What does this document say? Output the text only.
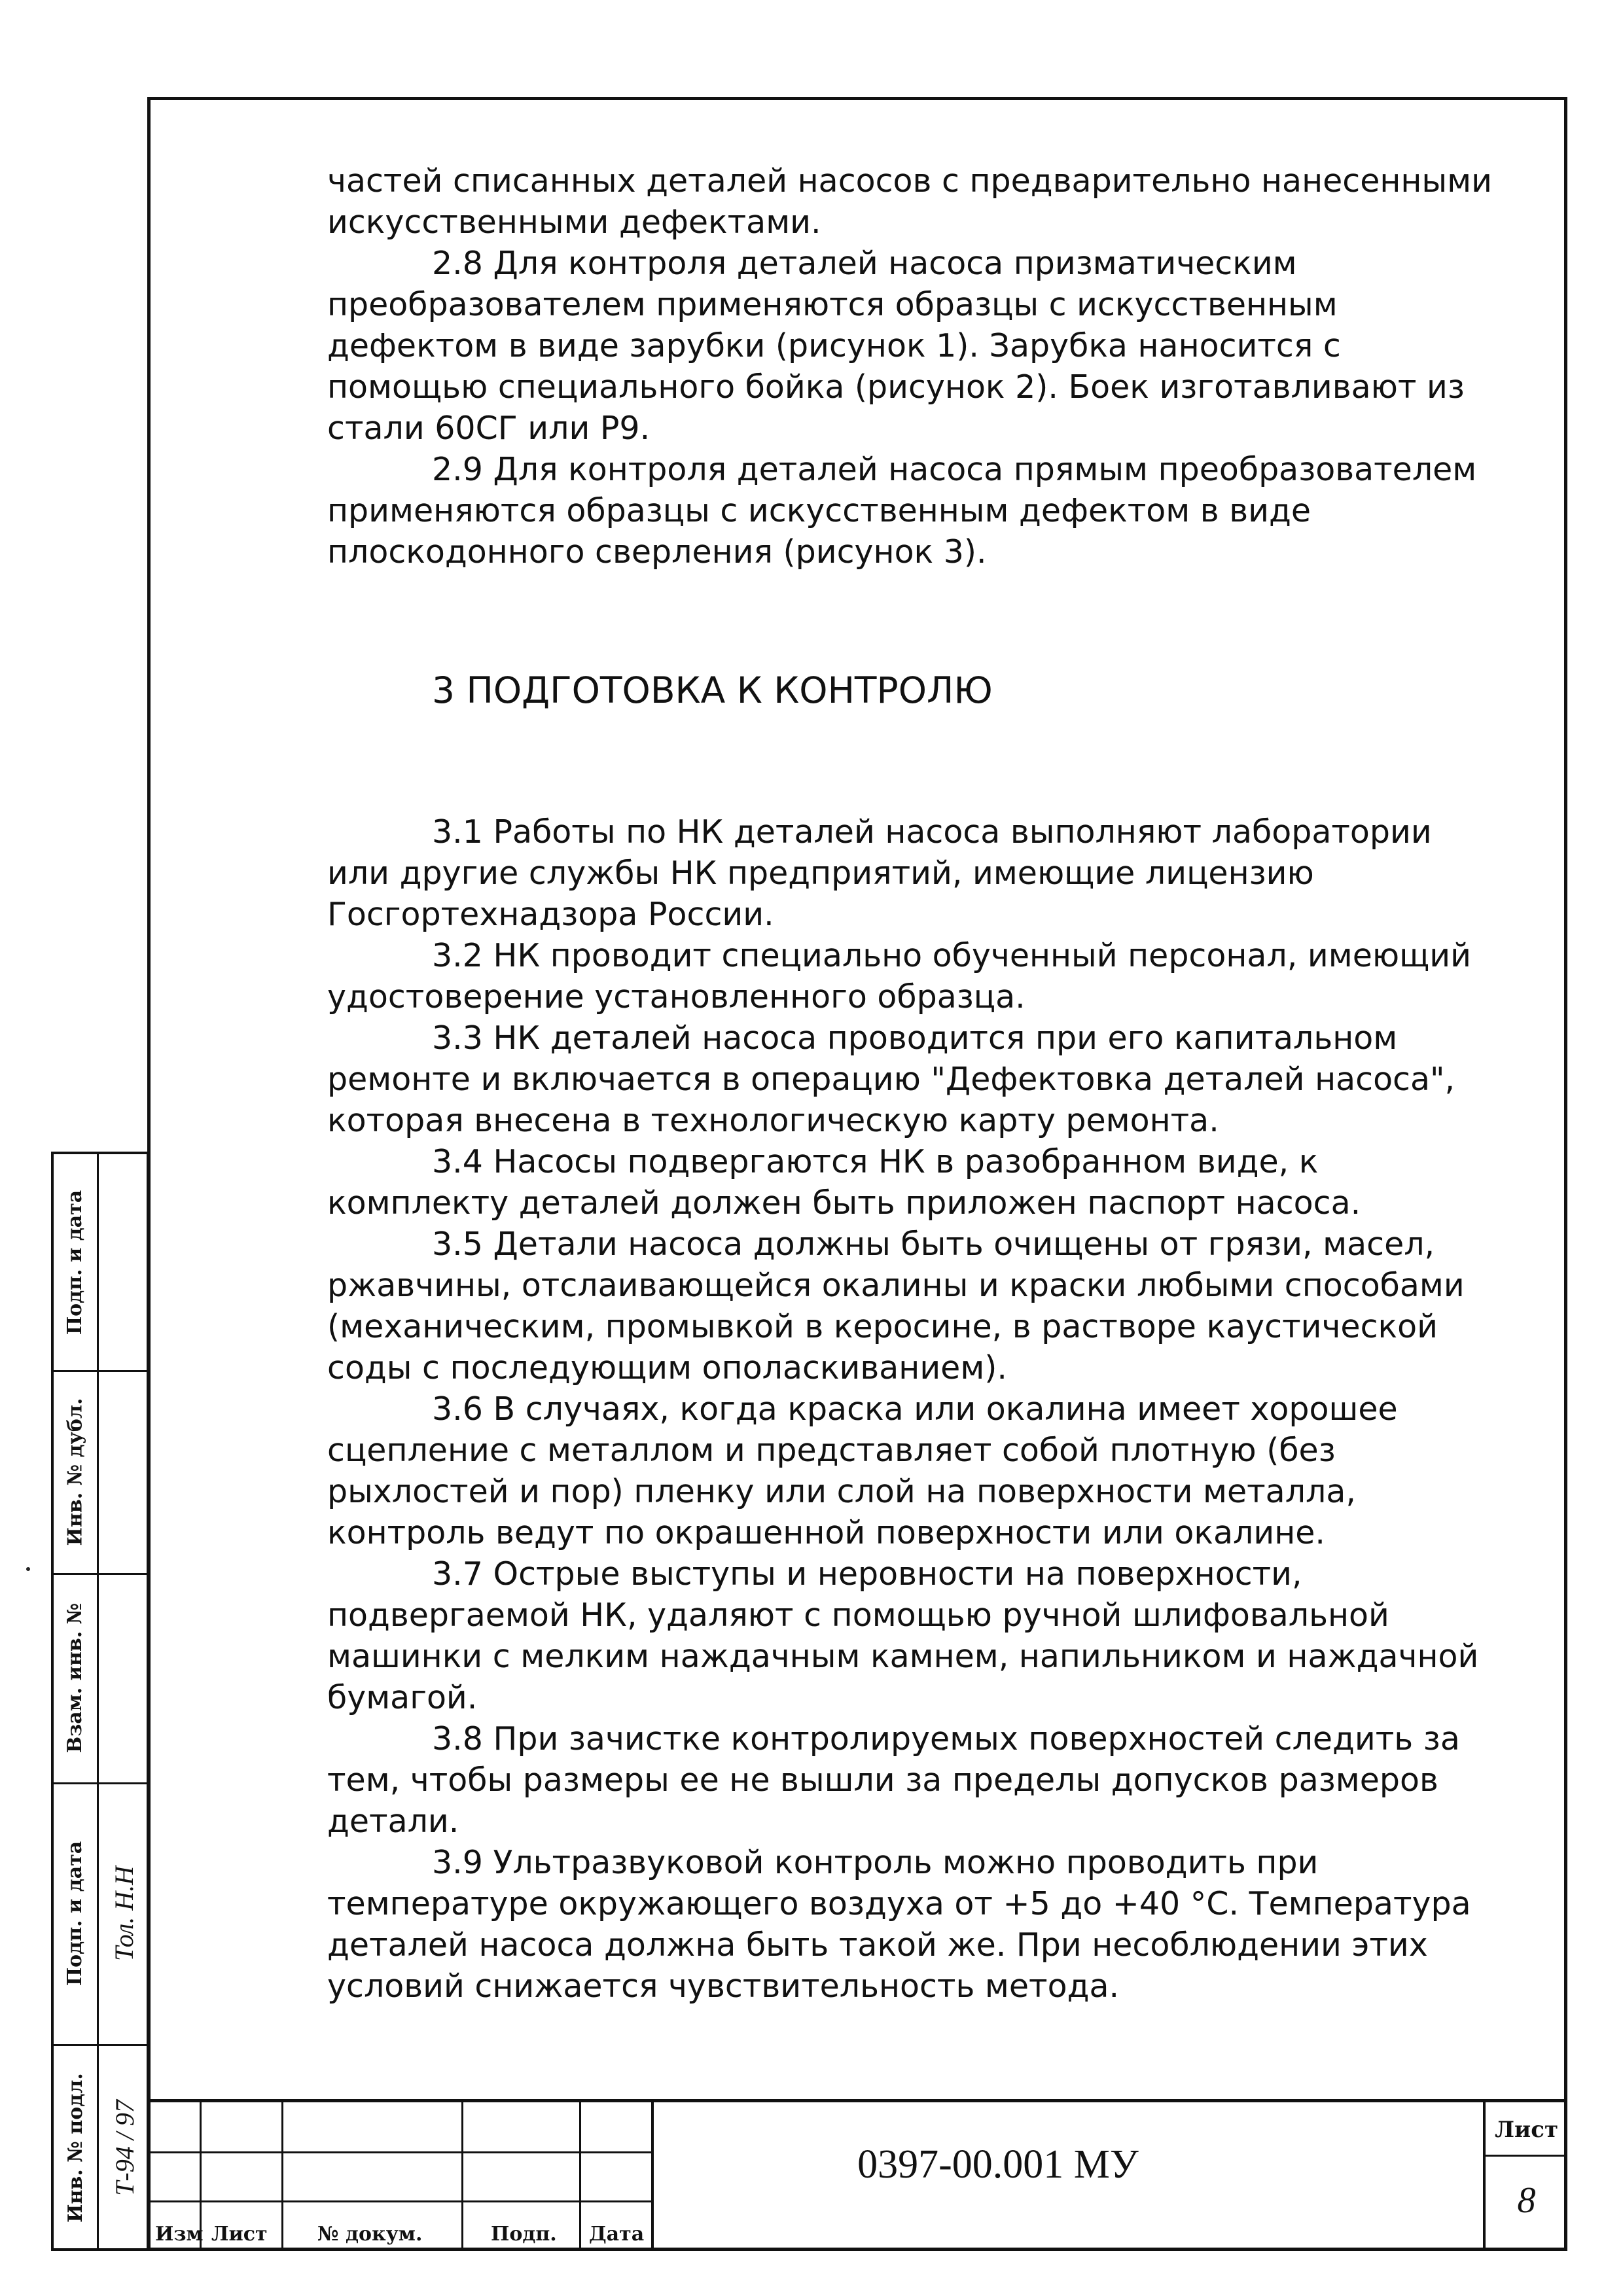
частей списанных деталей насосов с предварительно нанесенными искусственными дефектами.

2.8 Для контроля деталей насоса призматическим преобразователем применяются образцы с искусственным дефектом в виде зарубки (рисунок 1). Зарубка наносится с помощью специального бойка (рисунок 2). Боек изготавливают из стали 60СГ или Р9.

2.9 Для контроля деталей насоса прямым преобразователем применяются образцы с искусственным дефектом в виде плоскодонного сверления (рисунок 3).

3 ПОДГОТОВКА К КОНТРОЛЮ

3.1 Работы по НК деталей насоса выполняют лаборатории или другие службы НК предприятий, имеющие лицензию Госгортехнадзора России.

3.2 НК проводит специально обученный персонал, имеющий удостоверение установленного образца.

3.3 НК деталей насоса проводится при его капитальном ремонте и включается в операцию "Дефектовка деталей насоса", которая внесена в технологическую карту ремонта.

3.4 Насосы подвергаются НК в разобранном виде, к комплекту деталей должен быть приложен паспорт насоса.

3.5 Детали насоса должны быть очищены от грязи, масел, ржавчины, отслаивающейся окалины и краски любыми способами (механическим, промывкой в керосине, в растворе каустической соды с последующим ополаскиванием).

3.6 В случаях, когда краска или окалина имеет хорошее сцепление с металлом и представляет собой плотную (без рыхлостей и пор) пленку или слой на поверхности металла, контроль ведут по окрашенной поверхности или окалине.

3.7 Острые выступы и неровности на поверхности, подвергаемой НК, удаляют с помощью ручной шлифовальной машинки с мелким наждачным камнем, напильником и наждачной бумагой.

3.8 При зачистке контролируемых поверхностей следить за тем, чтобы размеры ее не вышли за пределы допусков размеров детали.

3.9 Ультразвуковой контроль можно проводить при температуре окружающего воздуха от +5 до +40 °С. Температура деталей насоса должна быть такой же. При несоблюдении этих условий снижается чувствительность метода.

Изм Лист	№ докум.	Подп. Дата
0397-00.001 МУ
Лист
8
Подп. и дата
Инв. № дубл.
Взам. инв. №
Подп. и дата
Инв. № подл.
Тол. Н.Н
Т-94 / 97
